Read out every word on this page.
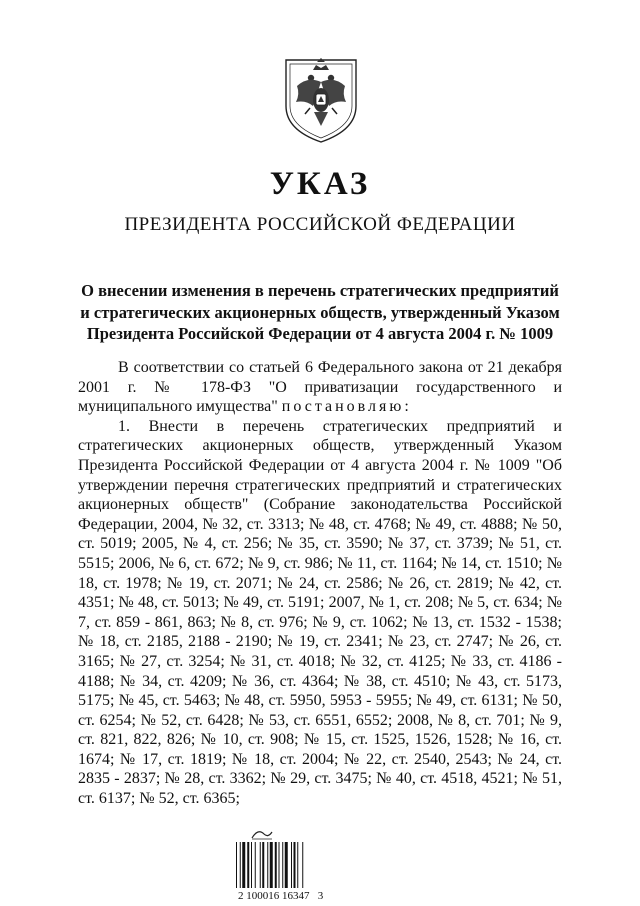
УКАЗ
ПРЕЗИДЕНТА РОССИЙСКОЙ ФЕДЕРАЦИИ
О внесении изменения в перечень стратегических предприятий и стратегических акционерных обществ, утвержденный Указом Президента Российской Федерации от 4 августа 2004 г. № 1009

В соответствии со статьей 6 Федерального закона от 21 декабря 2001 г. № 178-ФЗ "О приватизации государственного и муниципального имущества" постановляю:

1. Внести в перечень стратегических предприятий и стратегических акционерных обществ, утвержденный Указом Президента Российской Федерации от 4 августа 2004 г. № 1009 "Об утверждении перечня стратегических предприятий и стратегических акционерных обществ" (Собрание законодательства Российской Федерации, 2004, № 32, ст. 3313; № 48, ст. 4768; № 49, ст. 4888; № 50, ст. 5019; 2005, № 4, ст. 256; № 35, ст. 3590; № 37, ст. 3739; № 51, ст. 5515; 2006, № 6, ст. 672; № 9, ст. 986; № 11, ст. 1164; № 14, ст. 1510; № 18, ст. 1978; № 19, ст. 2071; № 24, ст. 2586; № 26, ст. 2819; № 42, ст. 4351; № 48, ст. 5013; № 49, ст. 5191; 2007, № 1, ст. 208; № 5, ст. 634; № 7, ст. 859 - 861, 863; № 8, ст. 976; № 9, ст. 1062; № 13, ст. 1532 - 1538; № 18, ст. 2185, 2188 - 2190; № 19, ст. 2341; № 23, ст. 2747; № 26, ст. 3165; № 27, ст. 3254; № 31, ст. 4018; № 32, ст. 4125; № 33, ст. 4186 - 4188; № 34, ст. 4209; № 36, ст. 4364; № 38, ст. 4510; № 43, ст. 5173, 5175; № 45, ст. 5463; № 48, ст. 5950, 5953 - 5955; № 49, ст. 6131; № 50, ст. 6254; № 52, ст. 6428; № 53, ст. 6551, 6552; 2008, № 8, ст. 701; № 9, ст. 821, 822, 826; № 10, ст. 908; № 15, ст. 1525, 1526, 1528; № 16, ст. 1674; № 17, ст. 1819; № 18, ст. 2004; № 22, ст. 2540, 2543; № 24, ст. 2835 - 2837; № 28, ст. 3362; № 29, ст. 3475; № 40, ст. 4518, 4521; № 51, ст. 6137; № 52, ст. 6365;

2 100016 16347   3
